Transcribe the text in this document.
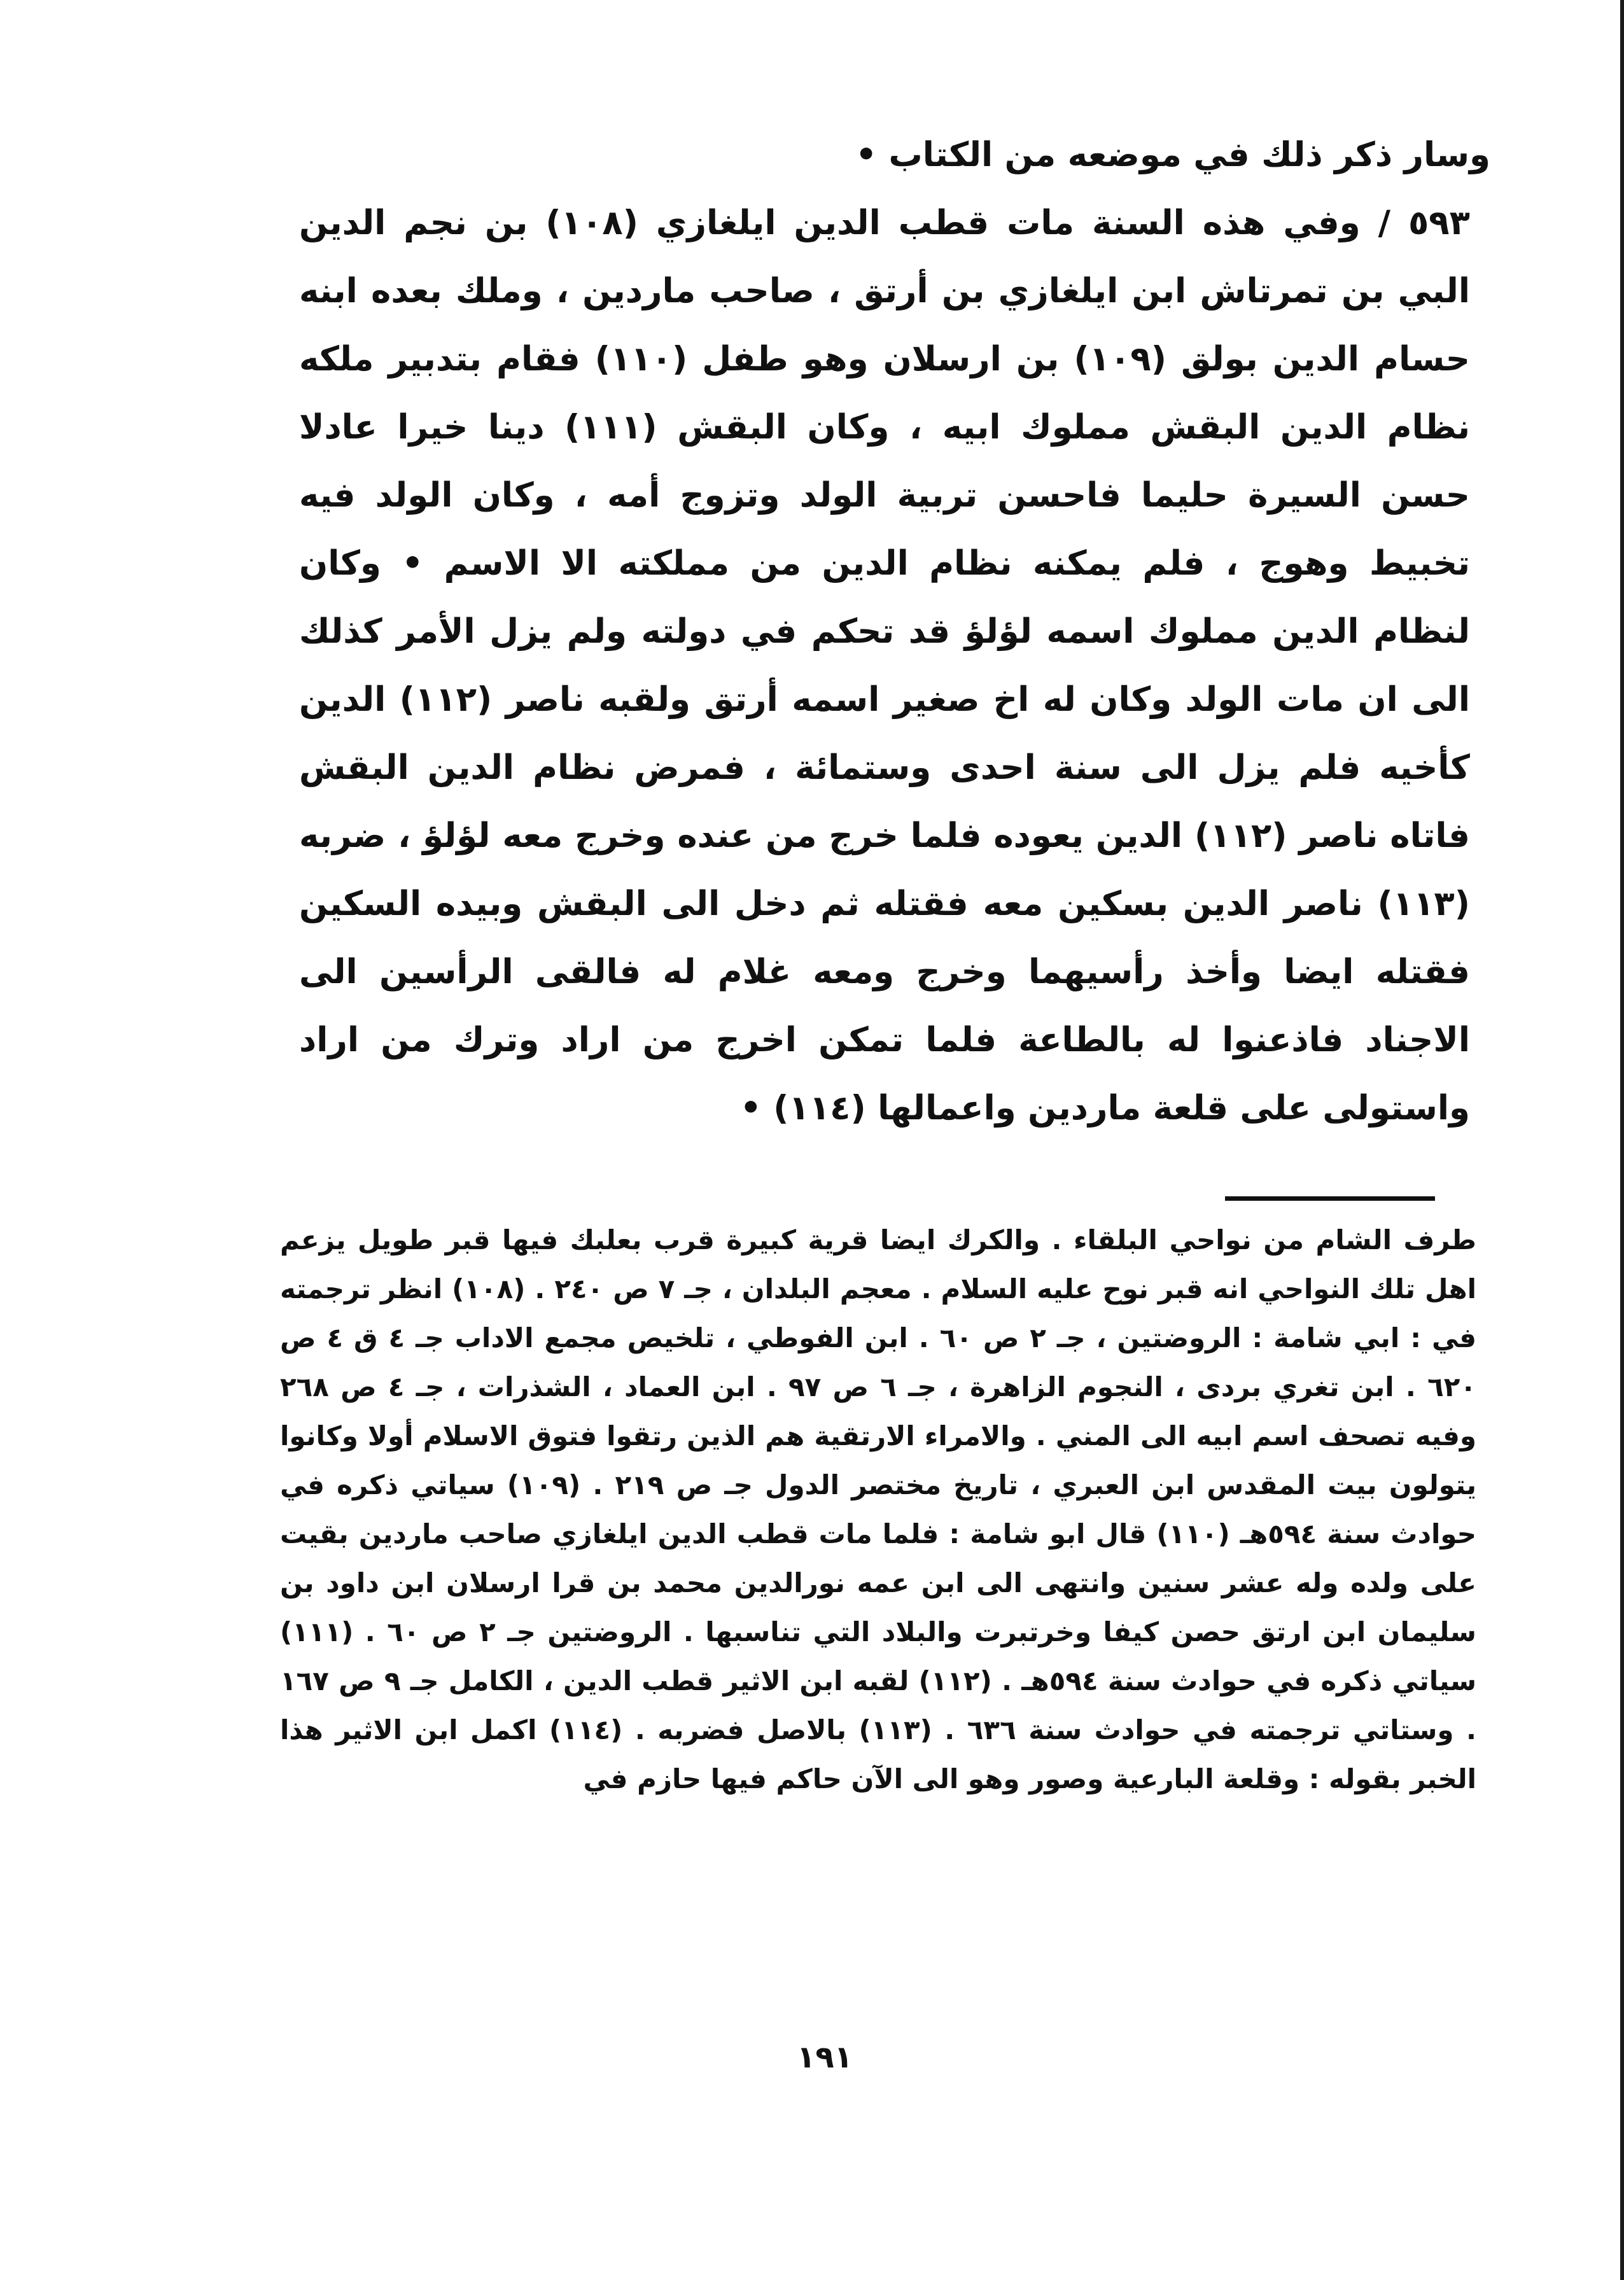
وسار ذكر ذلك في موضعه من الكتاب •

٥٩٣ / وفي هذه السنة مات قطب الدين ايلغازي (١٠٨) بن نجم الدين البي بن تمرتاش ابن ايلغازي بن أرتق ، صاحب ماردين ، وملك بعده ابنه حسام الدين بولق (١٠٩) بن ارسلان وهو طفل (١١٠) فقام بتدبير ملكه نظام الدين البقش مملوك ابيه ، وكان البقش (١١١) دينا خيرا عادلا حسن السيرة حليما فاحسن تربية الولد وتزوج أمه ، وكان الولد فيه تخبيط وهوج ، فلم يمكنه نظام الدين من مملكته الا الاسم • وكان لنظام الدين مملوك اسمه لؤلؤ قد تحكم في دولته ولم يزل الأمر كذلك الى ان مات الولد وكان له اخ صغير اسمه أرتق ولقبه ناصر (١١٢) الدين كأخيه فلم يزل الى سنة احدى وستمائة ، فمرض نظام الدين البقش فاتاه ناصر (١١٢) الدين يعوده فلما خرج من عنده وخرج معه لؤلؤ ، ضربه (١١٣) ناصر الدين بسكين معه فقتله ثم دخل الى البقش وبيده السكين فقتله ايضا وأخذ رأسيهما وخرج ومعه غلام له فالقى الرأسين الى الاجناد فاذعنوا له بالطاعة فلما تمكن اخرج من اراد وترك من اراد واستولى على قلعة ماردين واعمالها (١١٤) •

طرف الشام من نواحي البلقاء . والكرك ايضا قرية كبيرة قرب بعلبك فيها قبر طويل يزعم اهل تلك النواحي انه قبر نوح عليه السلام . معجم البلدان ، جـ ٧ ص ٢٤٠ . (١٠٨) انظر ترجمته في : ابي شامة : الروضتين ، جـ ٢ ص ٦٠ . ابن الفوطي ، تلخيص مجمع الاداب جـ ٤ ق ٤ ص ٦٢٠ . ابن تغري بردى ، النجوم الزاهرة ، جـ ٦ ص ٩٧ . ابن العماد ، الشذرات ، جـ ٤ ص ٢٦٨ وفيه تصحف اسم ابيه الى المني . والامراء الارتقية هم الذين رتقوا فتوق الاسلام أولا وكانوا يتولون بيت المقدس ابن العبري ، تاريخ مختصر الدول جـ ص ٢١٩ . (١٠٩) سياتي ذكره في حوادث سنة ٥٩٤هـ (١١٠) قال ابو شامة : فلما مات قطب الدين ايلغازي صاحب ماردين بقيت على ولده وله عشر سنين وانتهى الى ابن عمه نورالدين محمد بن قرا ارسلان ابن داود بن سليمان ابن ارتق حصن كيفا وخرتبرت والبلاد التي تناسبها . الروضتين جـ ٢ ص ٦٠ . (١١١) سياتي ذكره في حوادث سنة ٥٩٤هـ . (١١٢) لقبه ابن الاثير قطب الدين ، الكامل جـ ٩ ص ١٦٧ . وستاتي ترجمته في حوادث سنة ٦٣٦ . (١١٣) بالاصل فضربه . (١١٤) اكمل ابن الاثير هذا الخبر بقوله : وقلعة البارعية وصور وهو الى الآن حاكم فيها حازم في

١٩١
